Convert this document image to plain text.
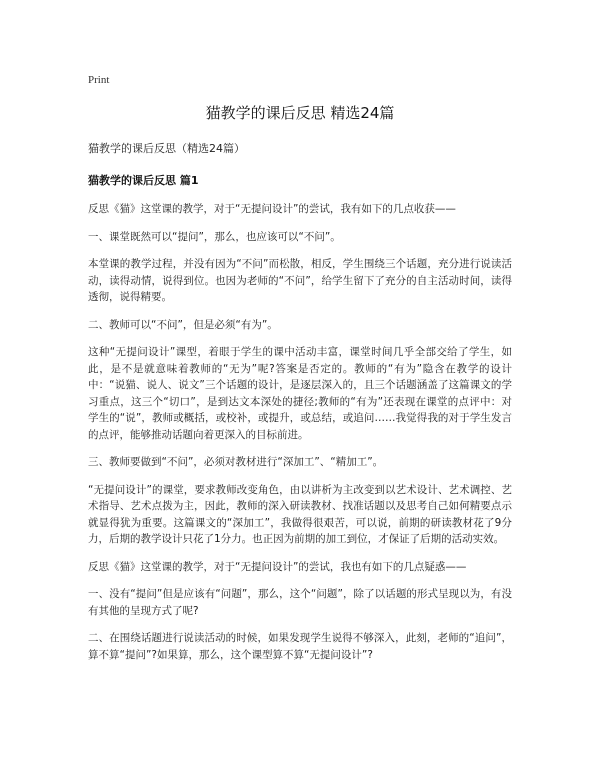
Print
猫教学的课后反思 精选24篇

猫教学的课后反思（精选24篇）

猫教学的课后反思 篇1

反思《猫》这堂课的教学，对于“无提问设计”的尝试，我有如下的几点收获——

一、课堂既然可以“提问”，那么，也应该可以“不问”。

本堂课的教学过程，并没有因为“不问”而松散，相反，学生围绕三个话题，充分进行说读活动，读得动情，说得到位。也因为老师的“不问”，给学生留下了充分的自主活动时间，读得透彻，说得精要。

二、教师可以“不问”，但是必须“有为”。

这种“无提问设计”课型，着眼于学生的课中活动丰富，课堂时间几乎全部交给了学生，如此，是不是就意味着教师的“无为”呢?答案是否定的。教师的“有为”隐含在教学的设计中：“说猫、说人、说文”三个话题的设计，是逐层深入的，且三个话题涵盖了这篇课文的学习重点，这三个“切口”，是到达文本深处的捷径;教师的“有为”还表现在课堂的点评中：对学生的“说”，教师或概括，或校补，或提升，或总结，或追问……我觉得我的对于学生发言的点评，能够推动话题向着更深入的目标前进。

三、教师要做到“不问”，必须对教材进行“深加工”、“精加工”。

“无提问设计”的课堂，要求教师改变角色，由以讲析为主改变到以艺术设计、艺术调控、艺术指导、艺术点拨为主，因此，教师的深入研读教材、找准话题以及思考自己如何精要点示就显得犹为重要。这篇课文的“深加工”，我做得很艰苦，可以说，前期的研读教材花了9分力，后期的教学设计只花了1分力。也正因为前期的加工到位，才保证了后期的活动实效。

反思《猫》这堂课的教学，对于“无提问设计”的尝试，我也有如下的几点疑惑——

一、没有“提问”但是应该有“问题”，那么，这个“问题”，除了以话题的形式呈现以为，有没有其他的呈现方式了呢?

二、在围绕话题进行说读活动的时候，如果发现学生说得不够深入，此刻，老师的“追问”，算不算“提问”?如果算，那么，这个课型算不算“无提问设计”?
